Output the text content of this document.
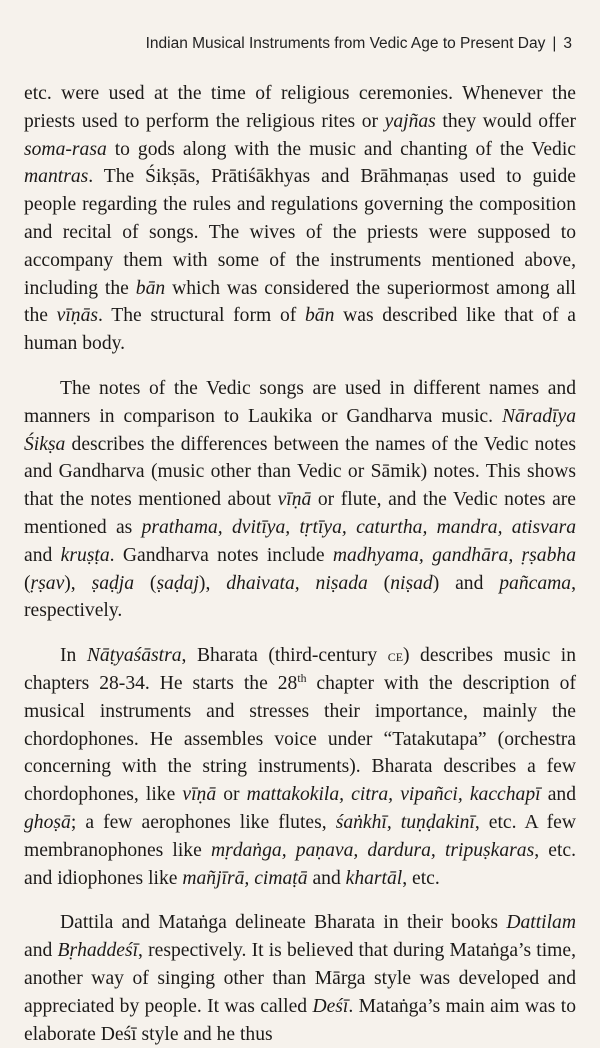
Indian Musical Instruments from Vedic Age to Present Day | 3

etc. were used at the time of religious ceremonies. Whenever the priests used to perform the religious rites or yajñas they would offer soma-rasa to gods along with the music and chanting of the Vedic mantras. The Śikṣās, Prātiśākhyas and Brāhmaṇas used to guide people regarding the rules and regulations governing the composition and recital of songs. The wives of the priests were supposed to accompany them with some of the instruments mentioned above, including the bān which was considered the superiormost among all the vīṇās. The structural form of bān was described like that of a human body.

The notes of the Vedic songs are used in different names and manners in comparison to Laukika or Gandharva music. Nāradīya Śikṣa describes the differences between the names of the Vedic notes and Gandharva (music other than Vedic or Sāmik) notes. This shows that the notes mentioned about vīṇā or flute, and the Vedic notes are mentioned as prathama, dvitīya, tṛtīya, caturtha, mandra, atisvara and kruṣṭa. Gandharva notes include madhyama, gandhāra, ṛṣabha (ṛṣav), ṣaḍja (ṣaḍaj), dhaivata, niṣada (niṣad) and pañcama, respectively.

In Nāṭyaśāstra, Bharata (third-century ce) describes music in chapters 28-34. He starts the 28th chapter with the description of musical instruments and stresses their importance, mainly the chordophones. He assembles voice under “Tatakutapa” (orchestra concerning with the string instruments). Bharata describes a few chordophones, like vīṇā or mattakokila, citra, vipañci, kacchapī and ghoṣā; a few aerophones like flutes, śaṅkhī, tuṇḍakinī, etc. A few membranophones like mṛdaṅga, paṇava, dardura, tripuṣkaras, etc. and idiophones like mañjīrā, cimaṭā and khartāl, etc.

Dattila and Mataṅga delineate Bharata in their books Dattilam and Bṛhaddeśī, respectively. It is believed that during Mataṅga’s time, another way of singing other than Mārga style was developed and appreciated by people. It was called Deśī. Mataṅga’s main aim was to elaborate Deśī style and he thus
